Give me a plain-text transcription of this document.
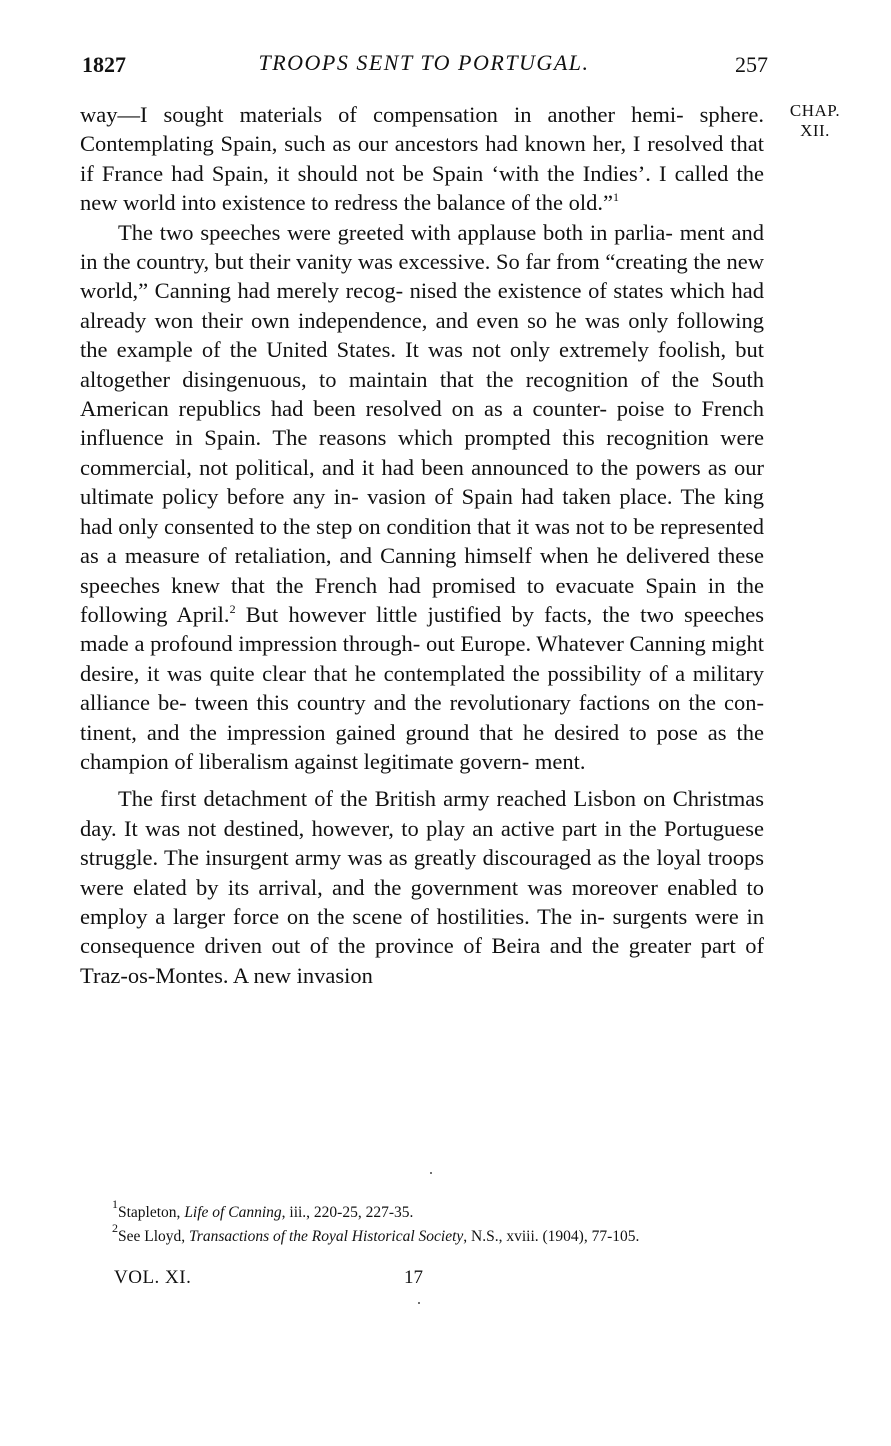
1827	TROOPS SENT TO PORTUGAL.	257
CHAP.
XII.

way—I sought materials of compensation in another hemi- sphere. Contemplating Spain, such as our ancestors had known her, I resolved that if France had Spain, it should not be Spain ‘with the Indies’. I called the new world into existence to redress the balance of the old.”$^1$

The two speeches were greeted with applause both in parlia- ment and in the country, but their vanity was excessive. So far from “creating the new world,” Canning had merely recog- nised the existence of states which had already won their own independence, and even so he was only following the example of the United States. It was not only extremely foolish, but altogether disingenuous, to maintain that the recognition of the South American republics had been resolved on as a counter- poise to French influence in Spain. The reasons which prompted this recognition were commercial, not political, and it had been announced to the powers as our ultimate policy before any in- vasion of Spain had taken place. The king had only consented to the step on condition that it was not to be represented as a measure of retaliation, and Canning himself when he delivered these speeches knew that the French had promised to evacuate Spain in the following April.$^2$ But however little justified by facts, the two speeches made a profound impression through- out Europe. Whatever Canning might desire, it was quite clear that he contemplated the possibility of a military alliance be- tween this country and the revolutionary factions on the con- tinent, and the impression gained ground that he desired to pose as the champion of liberalism against legitimate govern- ment.

The first detachment of the British army reached Lisbon on Christmas day. It was not destined, however, to play an active part in the Portuguese struggle. The insurgent army was as greatly discouraged as the loyal troops were elated by its arrival, and the government was moreover enabled to employ a larger force on the scene of hostilities. The in- surgents were in consequence driven out of the province of Beira and the greater part of Traz-os-Montes. A new invasion

$^1$Stapleton, Life of Canning, iii., 220-25, 227-35.
$^2$See Lloyd, Transactions of the Royal Historical Society, N.S., xviii. (1904), 77-105.
VOL. XI.	17
